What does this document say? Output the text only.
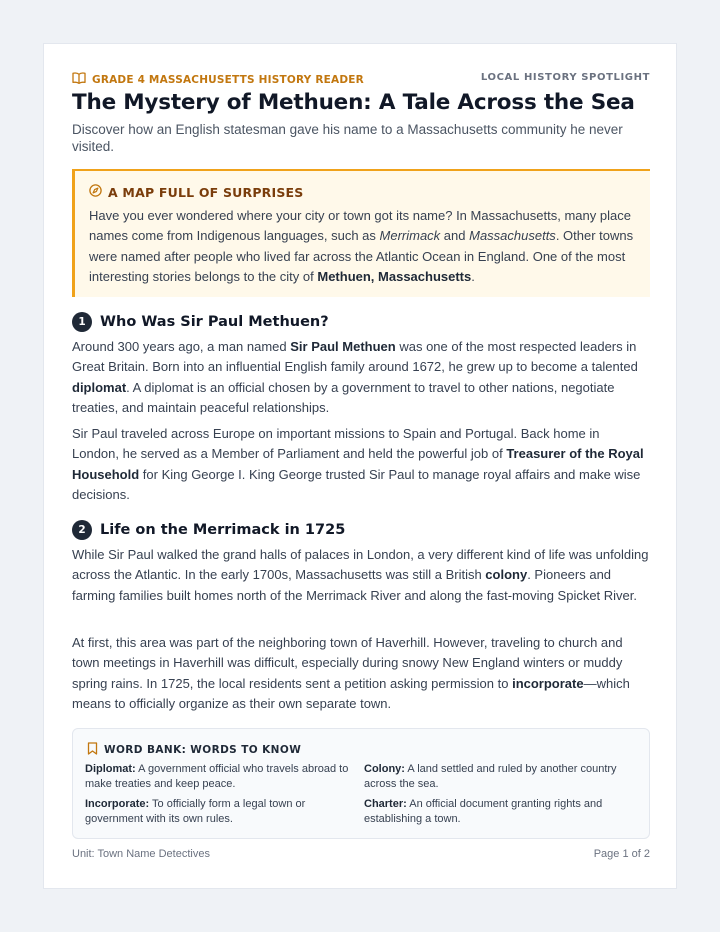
GRADE 4 MASSACHUSETTS HISTORY READER	LOCAL HISTORY SPOTLIGHT
The Mystery of Methuen: A Tale Across the Sea
Discover how an English statesman gave his name to a Massachusetts community he never visited.
A MAP FULL OF SURPRISES
Have you ever wondered where your city or town got its name? In Massachusetts, many place names come from Indigenous languages, such as Merrimack and Massachusetts. Other towns were named after people who lived far across the Atlantic Ocean in England. One of the most interesting stories belongs to the city of Methuen, Massachusetts.
1 Who Was Sir Paul Methuen?
Around 300 years ago, a man named Sir Paul Methuen was one of the most respected leaders in Great Britain. Born into an influential English family around 1672, he grew up to become a talented diplomat. A diplomat is an official chosen by a government to travel to other nations, negotiate treaties, and maintain peaceful relationships.
Sir Paul traveled across Europe on important missions to Spain and Portugal. Back home in London, he served as a Member of Parliament and held the powerful job of Treasurer of the Royal Household for King George I. King George trusted Sir Paul to manage royal affairs and make wise decisions.
2 Life on the Merrimack in 1725
While Sir Paul walked the grand halls of palaces in London, a very different kind of life was unfolding across the Atlantic. In the early 1700s, Massachusetts was still a British colony. Pioneers and farming families built homes north of the Merrimack River and along the fast-moving Spicket River.
At first, this area was part of the neighboring town of Haverhill. However, traveling to church and town meetings in Haverhill was difficult, especially during snowy New England winters or muddy spring rains. In 1725, the local residents sent a petition asking permission to incorporate—which means to officially organize as their own separate town.
WORD BANK: WORDS TO KNOW
Diplomat: A government official who travels abroad to make treaties and keep peace.
Colony: A land settled and ruled by another country across the sea.
Incorporate: To officially form a legal town or government with its own rules.
Charter: An official document granting rights and establishing a town.
Unit: Town Name Detectives	Page 1 of 2
